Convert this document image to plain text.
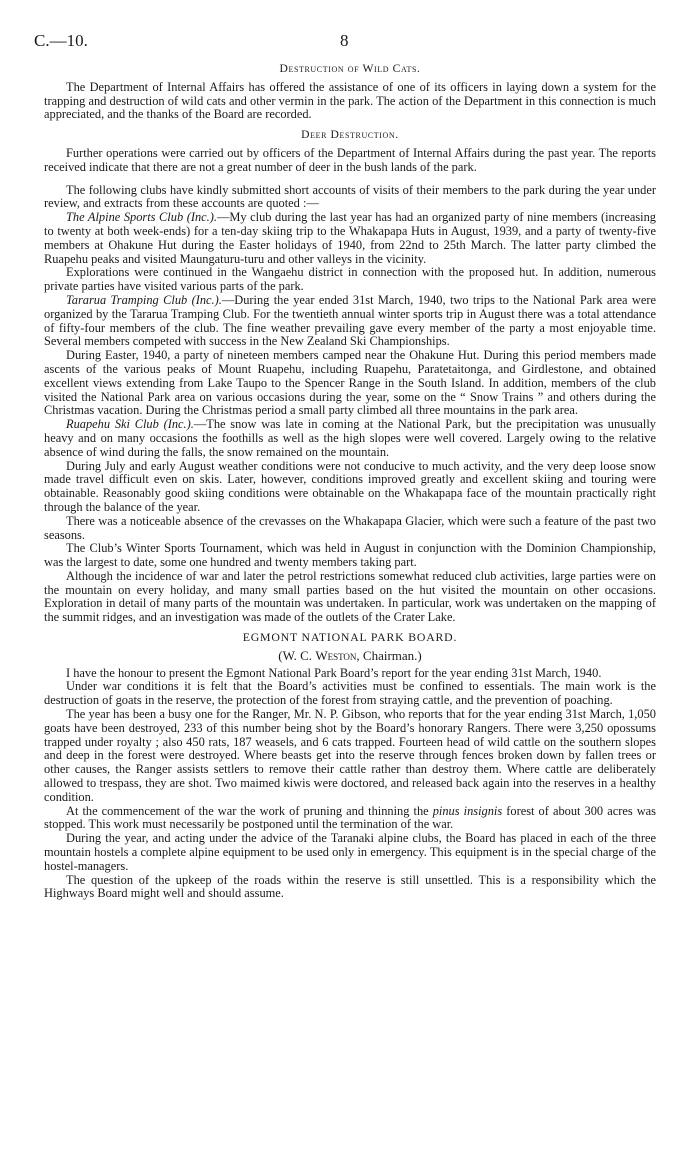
C.—10.	8
Destruction of Wild Cats.

The Department of Internal Affairs has offered the assistance of one of its officers in laying down a system for the trapping and destruction of wild cats and other vermin in the park. The action of the Department in this connection is much appreciated, and the thanks of the Board are recorded.

Deer Destruction.

Further operations were carried out by officers of the Department of Internal Affairs during the past year. The reports received indicate that there are not a great number of deer in the bush lands of the park.

The following clubs have kindly submitted short accounts of visits of their members to the park during the year under review, and extracts from these accounts are quoted :—

The Alpine Sports Club (Inc.).—My club during the last year has had an organized party of nine members (increasing to twenty at both week-ends) for a ten-day skiing trip to the Whakapapa Huts in August, 1939, and a party of twenty-five members at Ohakune Hut during the Easter holidays of 1940, from 22nd to 25th March. The latter party climbed the Ruapehu peaks and visited Maungaturu-turu and other valleys in the vicinity.

Explorations were continued in the Wangaehu district in connection with the proposed hut. In addition, numerous private parties have visited various parts of the park.

Tararua Tramping Club (Inc.).—During the year ended 31st March, 1940, two trips to the National Park area were organized by the Tararua Tramping Club. For the twentieth annual winter sports trip in August there was a total attendance of fifty-four members of the club. The fine weather prevailing gave every member of the party a most enjoyable time. Several members competed with success in the New Zealand Ski Championships.

During Easter, 1940, a party of nineteen members camped near the Ohakune Hut. During this period members made ascents of the various peaks of Mount Ruapehu, including Ruapehu, Paratetaitonga, and Girdlestone, and obtained excellent views extending from Lake Taupo to the Spencer Range in the South Island. In addition, members of the club visited the National Park area on various occasions during the year, some on the “ Snow Trains ” and others during the Christmas vacation. During the Christmas period a small party climbed all three mountains in the park area.

Ruapehu Ski Club (Inc.).—The snow was late in coming at the National Park, but the precipitation was unusually heavy and on many occasions the foothills as well as the high slopes were well covered. Largely owing to the relative absence of wind during the falls, the snow remained on the mountain.

During July and early August weather conditions were not conducive to much activity, and the very deep loose snow made travel difficult even on skis. Later, however, conditions improved greatly and excellent skiing and touring were obtainable. Reasonably good skiing conditions were obtainable on the Whakapapa face of the mountain practically right through the balance of the year.

There was a noticeable absence of the crevasses on the Whakapapa Glacier, which were such a feature of the past two seasons.

The Club’s Winter Sports Tournament, which was held in August in conjunction with the Dominion Championship, was the largest to date, some one hundred and twenty members taking part.

Although the incidence of war and later the petrol restrictions somewhat reduced club activities, large parties were on the mountain on every holiday, and many small parties based on the hut visited the mountain on other occasions. Exploration in detail of many parts of the mountain was undertaken. In particular, work was undertaken on the mapping of the summit ridges, and an investigation was made of the outlets of the Crater Lake.

EGMONT NATIONAL PARK BOARD.
(W. C. Weston, Chairman.)

I have the honour to present the Egmont National Park Board’s report for the year ending 31st March, 1940.

Under war conditions it is felt that the Board’s activities must be confined to essentials. The main work is the destruction of goats in the reserve, the protection of the forest from straying cattle, and the prevention of poaching.

The year has been a busy one for the Ranger, Mr. N. P. Gibson, who reports that for the year ending 31st March, 1,050 goats have been destroyed, 233 of this number being shot by the Board’s honorary Rangers. There were 3,250 opossums trapped under royalty ; also 450 rats, 187 weasels, and 6 cats trapped. Fourteen head of wild cattle on the southern slopes and deep in the forest were destroyed. Where beasts get into the reserve through fences broken down by fallen trees or other causes, the Ranger assists settlers to remove their cattle rather than destroy them. Where cattle are deliberately allowed to trespass, they are shot. Two maimed kiwis were doctored, and released back again into the reserves in a healthy condition.

At the commencement of the war the work of pruning and thinning the pinus insignis forest of about 300 acres was stopped. This work must necessarily be postponed until the termination of the war.

During the year, and acting under the advice of the Taranaki alpine clubs, the Board has placed in each of the three mountain hostels a complete alpine equipment to be used only in emergency. This equipment is in the special charge of the hostel-managers.

The question of the upkeep of the roads within the reserve is still unsettled. This is a responsibility which the Highways Board might well and should assume.
